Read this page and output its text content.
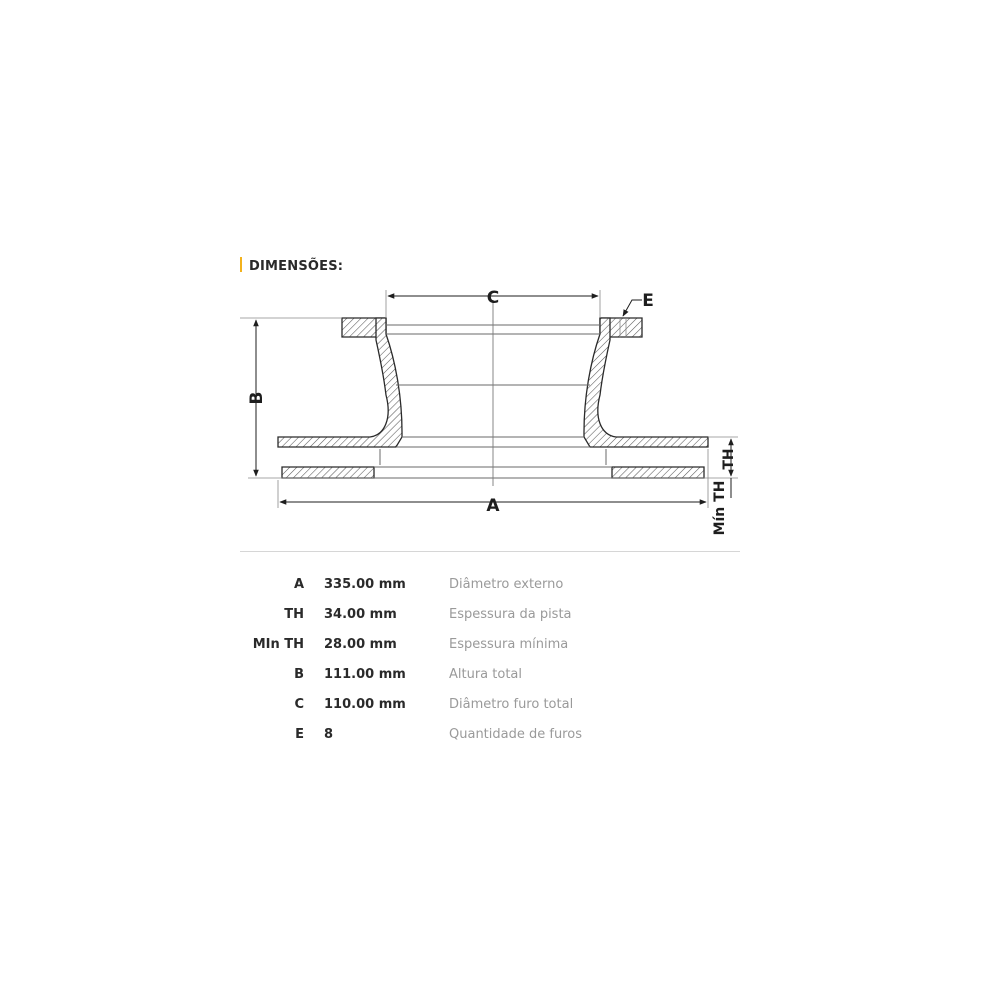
DIMENSÕES:
C
A
E
B
TH
Mín TH
A	335.00 mm	Diâmetro externo
TH	34.00 mm	Espessura da pista
MIn TH	28.00 mm	Espessura mínima
B	111.00 mm	Altura total
C	110.00 mm	Diâmetro furo total
E	8	Quantidade de furos
